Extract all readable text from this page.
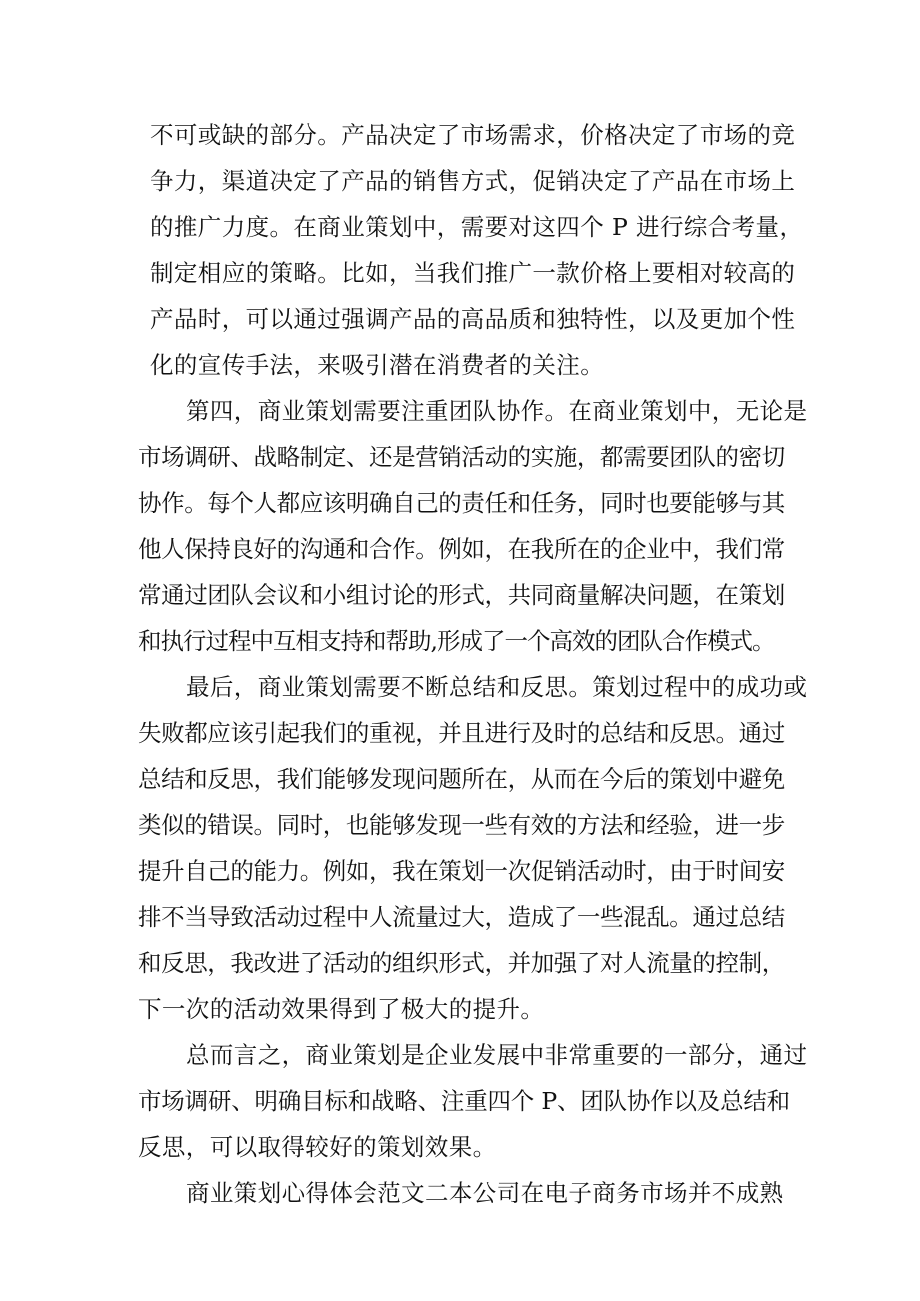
不可或缺的部分。产品决定了市场需求，价格决定了市场的竞
争力，渠道决定了产品的销售方式，促销决定了产品在市场上
的推广力度。在商业策划中，需要对这四个 P 进行综合考量，
制定相应的策略。比如，当我们推广一款价格上要相对较高的
产品时，可以通过强调产品的高品质和独特性，以及更加个性
化的宣传手法，来吸引潜在消费者的关注。
第四，商业策划需要注重团队协作。在商业策划中，无论是
市场调研、战略制定、还是营销活动的实施，都需要团队的密切
协作。每个人都应该明确自己的责任和任务，同时也要能够与其
他人保持良好的沟通和合作。例如，在我所在的企业中，我们常
常通过团队会议和小组讨论的形式，共同商量解决问题，在策划
和执行过程中互相支持和帮助,形成了一个高效的团队合作模式。
最后，商业策划需要不断总结和反思。策划过程中的成功或
失败都应该引起我们的重视，并且进行及时的总结和反思。通过
总结和反思，我们能够发现问题所在，从而在今后的策划中避免
类似的错误。同时，也能够发现一些有效的方法和经验，进一步
提升自己的能力。例如，我在策划一次促销活动时，由于时间安
排不当导致活动过程中人流量过大，造成了一些混乱。通过总结
和反思，我改进了活动的组织形式，并加强了对人流量的控制，
下一次的活动效果得到了极大的提升。
总而言之，商业策划是企业发展中非常重要的一部分，通过
市场调研、明确目标和战略、注重四个 P、团队协作以及总结和
反思，可以取得较好的策划效果。
商业策划心得体会范文二本公司在电子商务市场并不成熟
